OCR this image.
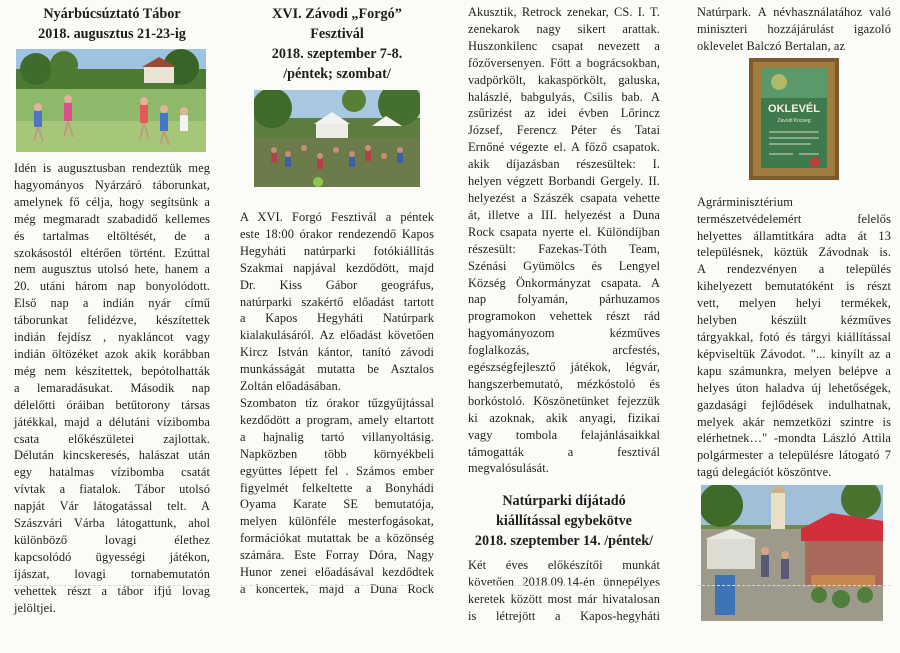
Nyárbúcsúztató Tábor
2018. augusztus 21-23-ig

Idén is augusztusban rendeztük meg

hagyományos Nyárzáró táborunkat,

amelynek fő célja, hogy segítsünk a

még megmaradt szabadidő kellemes

és tartalmas eltöltését, de a

szokásostól eltérően történt. Ezúttal

nem augusztus utolsó hete, hanem a

20. utáni három nap bonyolódott.

Első nap a indián nyár című

táborunkat felidézve, készítettek

indián fejdísz , nyakláncot vagy

indián öltözéket azok akik korábban

még nem készítettek, bepótolhatták

a lemaradásukat. Második nap

délelőtti óráiban betűtorony társas

játékkal, majd a délutáni vízibomba

csata előkészületei zajlottak.

Délután kincskeresés, halászat után

egy hatalmas vízibomba csatát

vívtak a fiatalok. Tábor utolsó

napját Vár látogatással telt. A

Szászvári Várba látogattunk, ahol

különböző lovagi élethez

kapcsolódó ügyességi játékon,

íjászat, lovagi tornabemutatón

vehettek részt a tábor ifjú lovag

jelöltjei.

XVI. Závodi „Forgó”
Fesztivál
2018. szeptember 7-8.
/péntek; szombat/

A XVI. Forgó Fesztivál a péntek

este 18:00 órakor rendezendő Kapos

Hegyháti natúrparki fotókiállítás

Szakmai napjával kezdődött, majd

Dr. Kiss Gábor geográfus,

natúrparki szakértő előadást tartott

a Kapos Hegyháti Natúrpark

kialakulásáról. Az előadást követően

Kircz István kántor, tanító závodi

munkásságát mutatta be Asztalos

Zoltán előadásában.

Szombaton tíz órakor tűzgyűjtással

kezdődött a program, amely eltartott

a hajnalig tartó villanyoltásig.

Napközben több környékbeli

együttes lépett fel . Számos ember

figyelmét felkeltette a Bonyhádi

Oyama Karate SE bemutatója,

melyen különféle mesterfogásokat,

formációkat mutattak be a közönség

számára. Este Forray Dóra, Nagy

Hunor zenei előadásával kezdődtek

a koncertek, majd a Duna Rock

Akusztik, Retrock zenekar, CS. I. T.

zenekarok nagy sikert arattak.

Huszonkilenc csapat nevezett a

főzőversenyen. Főtt a bográcsokban,

vadpörkölt, kakaspörkölt, galuska,

halászlé, babgulyás, Csilis bab. A

zsűrizést az idei évben Lőrincz

József, Ferencz Péter és Tatai

Ernőné végezte el. A főző csapatok.

akik díjazásban részesültek: I.

helyen végzett Borbandi Gergely. II.

helyezést a Szászék csapata vehette

át, illetve a III. helyezést a Duna

Rock csapata nyerte el. Különdíjban

részesült: Fazekas-Tóth Team,

Szénási Gyümölcs és Lengyel

Község Önkormányzat csapata. A

nap folyamán, párhuzamos

programokon vehettek részt rád

hagyományozom kézműves

foglalkozás, arcfestés,

egészségfejlesztő játékok, légvár,

hangszerbemutató, mézkóstoló és

borkóstoló. Köszönetünket fejezzük

ki azoknak, akik anyagi, fizikai

vagy tombola felajánlásaikkal

támogatták a fesztivál

megvalósulását.

Natúrparki díjátadó
kiállítással egybekötve
2018. szeptember 14. /péntek/

Két éves előkészítői munkát

követően 2018.09.14-én ünnepélyes

keretek között most már hivatalosan

is létrejött a Kapos-hegyháti

Natúrpark. A névhasználatához való

miniszteri hozzájárulást igazoló

oklevelet Balczó Bertalan, az

OKLEVÉL
Zavodi Kozseg

Agrárminisztérium

természetvédelemért felelős

helyettes államtitkára adta át 13

településnek, köztük Závodnak is.

A rendezvényen a település

kihelyezett bemutatóként is részt

vett, melyen helyi termékek,

helyben készült kézműves

tárgyakkal, fotó és tárgyi kiállítással

képviseltük Závodot. "... kinyílt az a

kapu számunkra, melyen belépve a

helyes úton haladva új lehetőségek,

gazdasági fejlődések indulhatnak,

melyek akár nemzetközi szintre is

elérhetnek…" -mondta László Attila

polgármester a településre látogató 7

tagú delegációt köszöntve.
